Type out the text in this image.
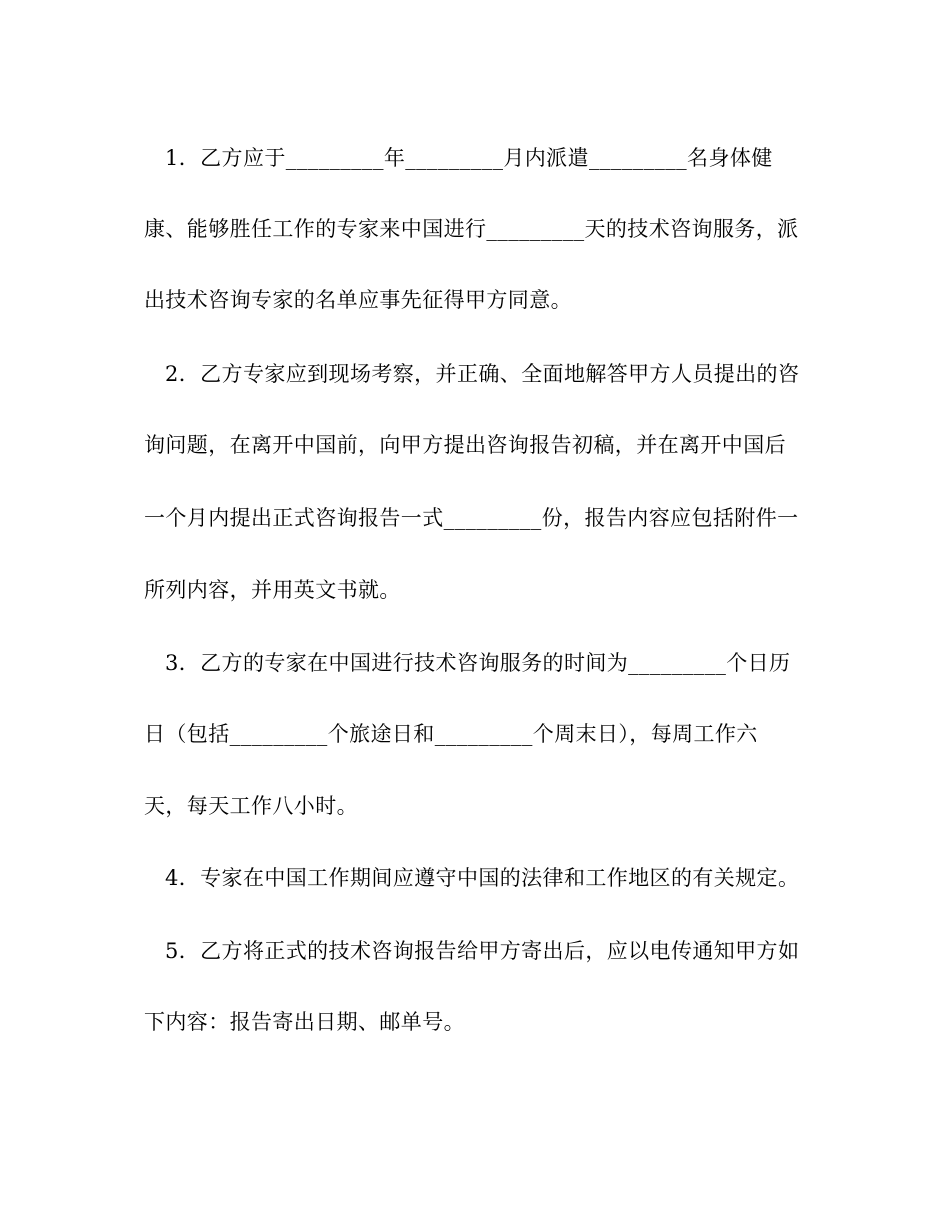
1．乙方应于_________年_________月内派遣_________名身体健
康、能够胜任工作的专家来中国进行_________天的技术咨询服务，派
出技术咨询专家的名单应事先征得甲方同意。
2．乙方专家应到现场考察，并正确、全面地解答甲方人员提出的咨
询问题，在离开中国前，向甲方提出咨询报告初稿，并在离开中国后
一个月内提出正式咨询报告一式_________份，报告内容应包括附件一
所列内容，并用英文书就。
3．乙方的专家在中国进行技术咨询服务的时间为_________个日历
日（包括_________个旅途日和_________个周末日），每周工作六
天，每天工作八小时。
4．专家在中国工作期间应遵守中国的法律和工作地区的有关规定。
5．乙方将正式的技术咨询报告给甲方寄出后，应以电传通知甲方如
下内容：报告寄出日期、邮单号。
